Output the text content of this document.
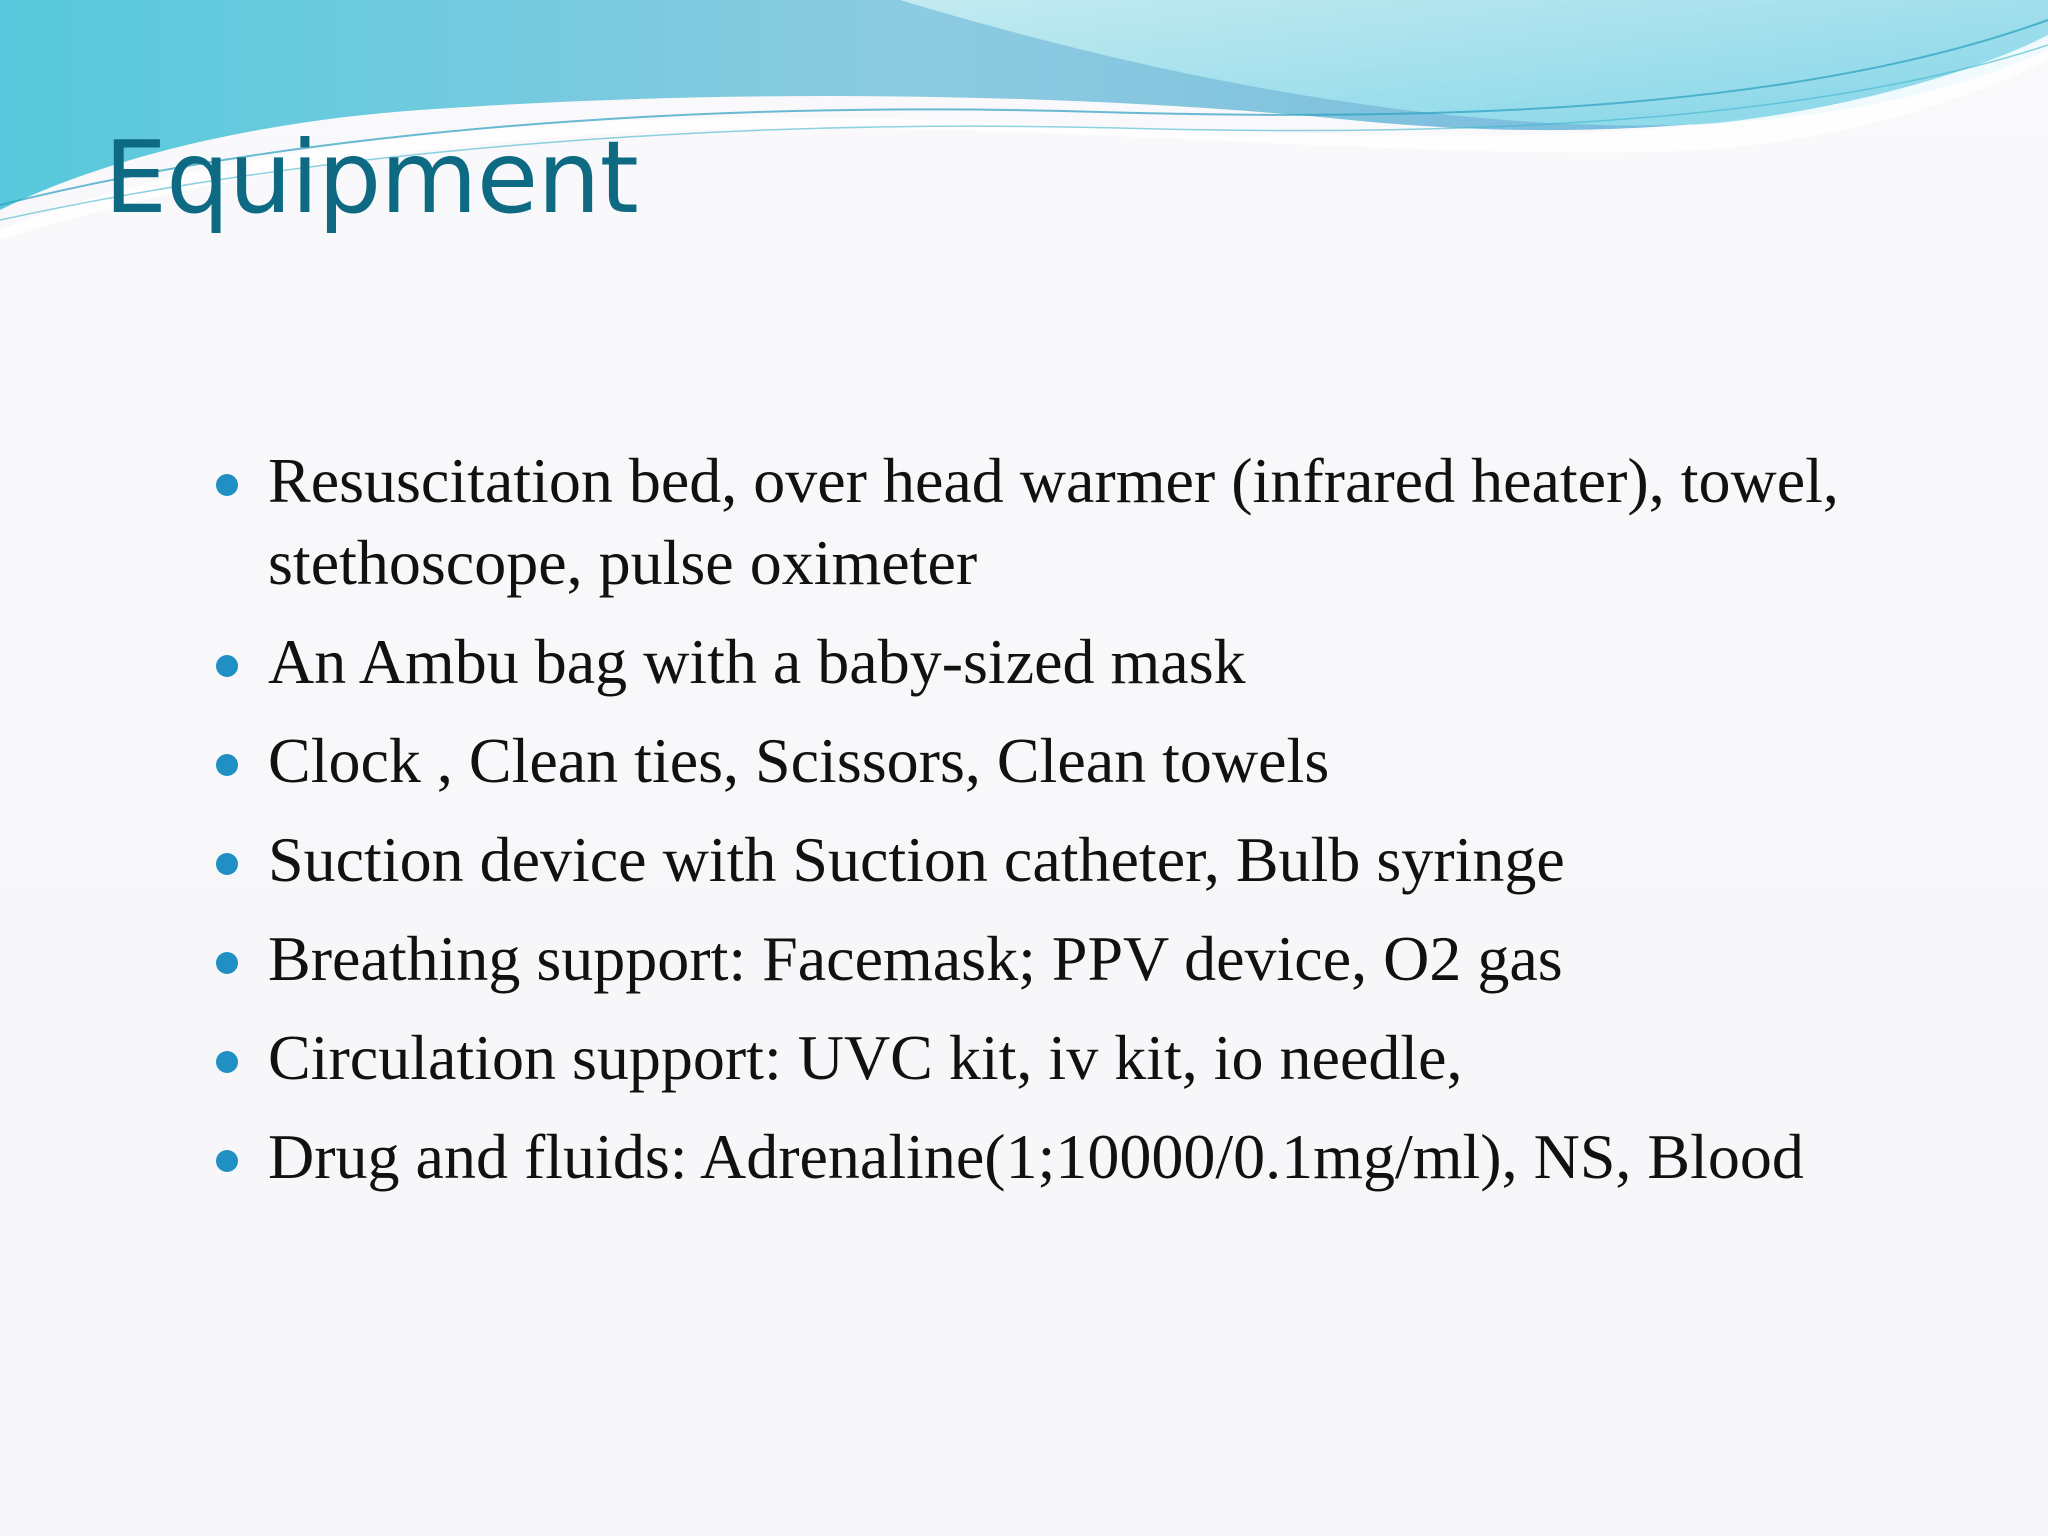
Equipment
Resuscitation bed, over head warmer (infrared heater), towel, stethoscope, pulse oximeter
An Ambu bag with a baby-sized mask
Clock , Clean ties, Scissors, Clean towels
Suction device with Suction catheter, Bulb syringe
Breathing support: Facemask; PPV device, O2 gas
Circulation support: UVC kit, iv kit, io needle,
Drug and fluids: Adrenaline(1;10000/0.1mg/ml), NS, Blood
